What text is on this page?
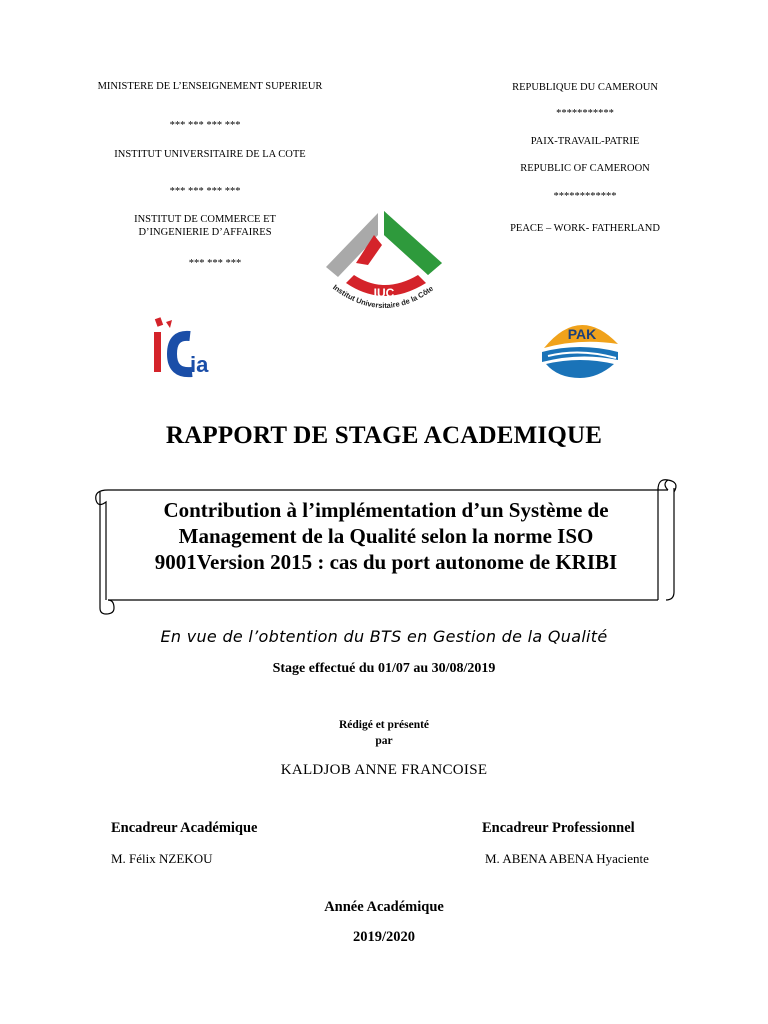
MINISTERE DE L’ENSEIGNEMENT SUPERIEUR
*** *** *** ***
INSTITUT UNIVERSITAIRE DE LA COTE
*** *** *** ***
INSTITUT DE COMMERCE ET
D’INGENIERIE D’AFFAIRES
*** *** ***
REPUBLIQUE DU CAMEROUN
***********
PAIX-TRAVAIL-PATRIE
REPUBLIC OF CAMEROON
************
PEACE – WORK- FATHERLAND
IUC
Institut Universitaire de la Côte
ia
PAK
RAPPORT DE STAGE ACADEMIQUE
Contribution à l’implémentation d’un Système de
Management de la Qualité selon la norme ISO
9001Version 2015 : cas du port autonome de KRIBI
En vue de l’obtention du BTS en Gestion de la Qualité
Stage effectué du 01/07 au 30/08/2019
Rédigé et présenté
par
KALDJOB ANNE FRANCOISE
Encadreur Académique	Encadreur Professionnel
M. Félix NZEKOU	M. ABENA ABENA Hyaciente
Année Académique
2019/2020
